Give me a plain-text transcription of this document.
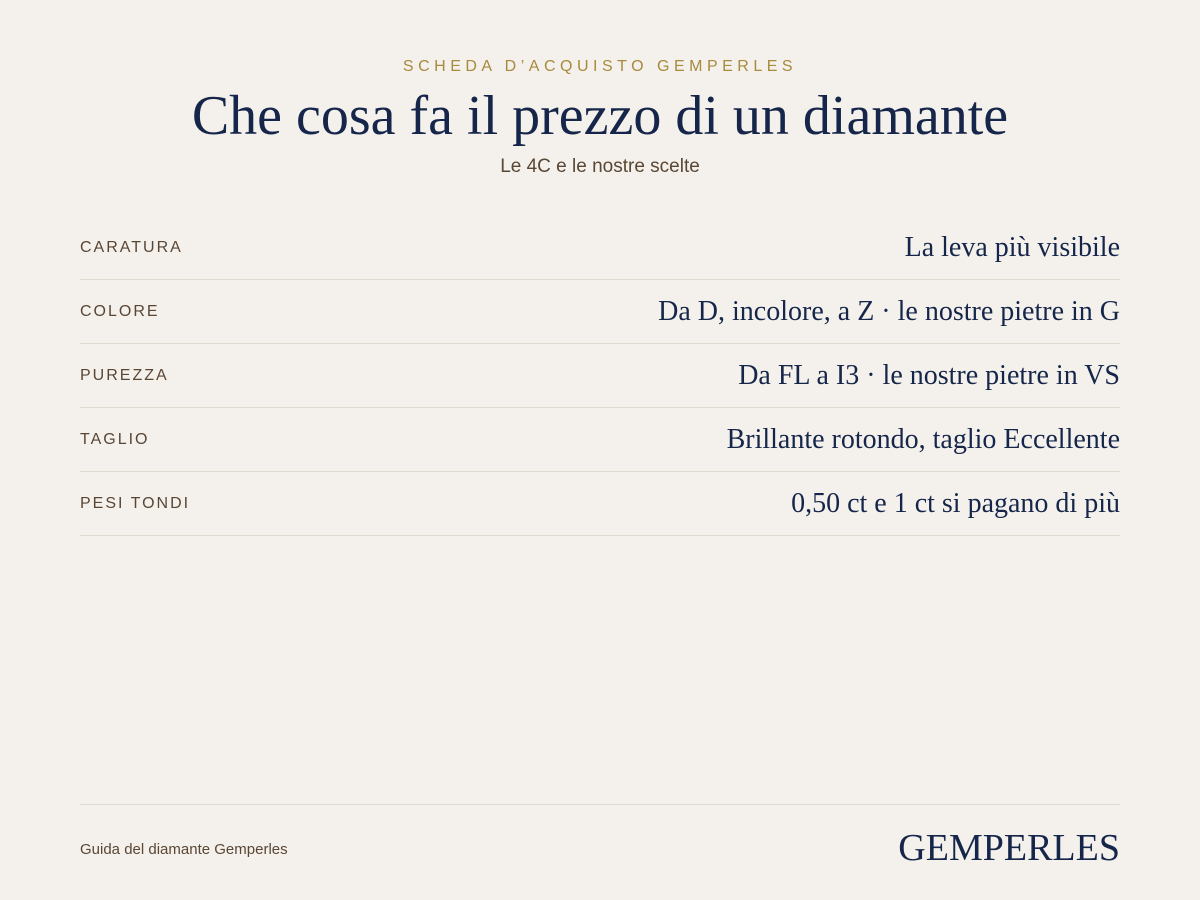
SCHEDA D’ACQUISTO GEMPERLES
Che cosa fa il prezzo di un diamante
Le 4C e le nostre scelte
CARATURA	La leva più visibile
COLORE	Da D, incolore, a Z · le nostre pietre in G
PUREZZA	Da FL a I3 · le nostre pietre in VS
TAGLIO	Brillante rotondo, taglio Eccellente
PESI TONDI	0,50 ct e 1 ct si pagano di più
Guida del diamante Gemperles	GEMPERLES
